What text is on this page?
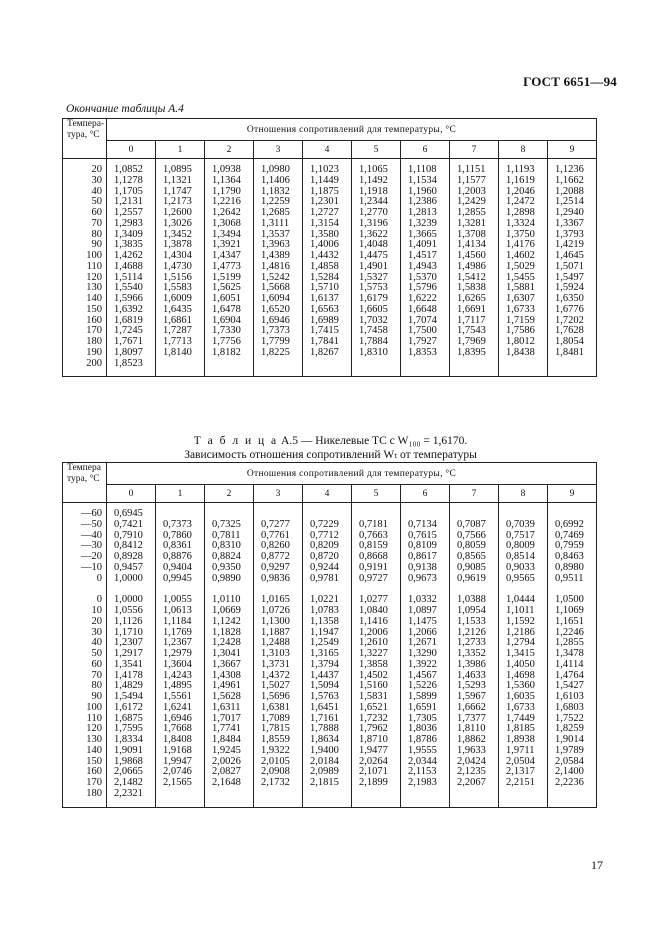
ГОСТ 6651—94
Окончание таблицы А.4
Темпера-
тура, °С	Отношения сопротивлений для температуры, °С									
	0	1	2	3	4	5	6	7	8	9

20	1,0852	1,0895	1,0938	1,0980	1,1023	1,1065	1,1108	1,1151	1,1193	1,1236
30	1,1278	1,1321	1,1364	1,1406	1,1449	1,1492	1,1534	1,1577	1,1619	1,1662
40	1,1705	1,1747	1,1790	1,1832	1,1875	1,1918	1,1960	1,2003	1,2046	1,2088
50	1,2131	1,2173	1,2216	1,2259	1,2301	1,2344	1,2386	1,2429	1,2472	1,2514
60	1,2557	1,2600	1,2642	1,2685	1,2727	1,2770	1,2813	1,2855	1,2898	1,2940
70	1,2983	1,3026	1,3068	1,3111	1,3154	1,3196	1,3239	1,3281	1,3324	1,3367
80	1,3409	1,3452	1,3494	1,3537	1,3580	1,3622	1,3665	1,3708	1,3750	1,3793
90	1,3835	1,3878	1,3921	1,3963	1,4006	1,4048	1,4091	1,4134	1,4176	1,4219
100	1,4262	1,4304	1,4347	1,4389	1,4432	1,4475	1,4517	1,4560	1,4602	1,4645
110	1,4688	1,4730	1,4773	1,4816	1,4858	1,4901	1,4943	1,4986	1,5029	1,5071
120	1,5114	1,5156	1,5199	1,5242	1,5284	1,5327	1,5370	1,5412	1,5455	1,5497
130	1,5540	1,5583	1,5625	1,5668	1,5710	1,5753	1,5796	1,5838	1,5881	1,5924
140	1,5966	1,6009	1,6051	1,6094	1,6137	1,6179	1,6222	1,6265	1,6307	1,6350
150	1,6392	1,6435	1,6478	1,6520	1,6563	1,6605	1,6648	1,6691	1,6733	1,6776
160	1,6819	1,6861	1,6904	1,6946	1,6989	1,7032	1,7074	1,7117	1,7159	1,7202
170	1,7245	1,7287	1,7330	1,7373	1,7415	1,7458	1,7500	1,7543	1,7586	1,7628
180	1,7671	1,7713	1,7756	1,7799	1,7841	1,7884	1,7927	1,7969	1,8012	1,8054
190	1,8097	1,8140	1,8182	1,8225	1,8267	1,8310	1,8353	1,8395	1,8438	1,8481
200	1,8523									

Т а б л и ц а А.5 — Никелевые ТС с W₁₀₀ = 1,6170.
Зависимость отношения сопротивлений Wₜ от температуры
Темпера
тура, °С	Отношения сопротивлений для температуры, °С									
	0	1	2	3	4	5	6	7	8	9

—60	0,6945									
—50	0,7421	0,7373	0,7325	0,7277	0,7229	0,7181	0,7134	0,7087	0,7039	0,6992
—40	0,7910	0,7860	0,7811	0,7761	0,7712	0,7663	0,7615	0,7566	0,7517	0,7469
—30	0,8412	0,8361	0,8310	0,8260	0,8209	0,8159	0,8109	0,8059	0,8009	0,7959
—20	0,8928	0,8876	0,8824	0,8772	0,8720	0,8668	0,8617	0,8565	0,8514	0,8463
—10	0,9457	0,9404	0,9350	0,9297	0,9244	0,9191	0,9138	0,9085	0,9033	0,8980
0	1,0000	0,9945	0,9890	0,9836	0,9781	0,9727	0,9673	0,9619	0,9565	0,9511

0	1,0000	1,0055	1,0110	1,0165	1,0221	1,0277	1,0332	1,0388	1,0444	1,0500
10	1,0556	1,0613	1,0669	1,0726	1,0783	1,0840	1,0897	1,0954	1,1011	1,1069
20	1,1126	1,1184	1,1242	1,1300	1,1358	1,1416	1,1475	1,1533	1,1592	1,1651
30	1,1710	1,1769	1,1828	1,1887	1,1947	1,2006	1,2066	1,2126	1,2186	1,2246
40	1,2307	1,2367	1,2428	1,2488	1,2549	1,2610	1,2671	1,2733	1,2794	1,2855
50	1,2917	1,2979	1,3041	1,3103	1,3165	1,3227	1,3290	1,3352	1,3415	1,3478
60	1,3541	1,3604	1,3667	1,3731	1,3794	1,3858	1,3922	1,3986	1,4050	1,4114
70	1,4178	1,4243	1,4308	1,4372	1,4437	1,4502	1,4567	1,4633	1,4698	1,4764
80	1,4829	1,4895	1,4961	1,5027	1,5094	1,5160	1,5226	1,5293	1,5360	1,5427
90	1,5494	1,5561	1,5628	1,5696	1,5763	1,5831	1,5899	1,5967	1,6035	1,6103
100	1,6172	1,6241	1,6311	1,6381	1,6451	1,6521	1,6591	1,6662	1,6733	1,6803
110	1,6875	1,6946	1,7017	1,7089	1,7161	1,7232	1,7305	1,7377	1,7449	1,7522
120	1,7595	1,7668	1,7741	1,7815	1,7888	1,7962	1,8036	1,8110	1,8185	1,8259
130	1,8334	1,8408	1,8484	1,8559	1,8634	1,8710	1,8786	1,8862	1,8938	1,9014
140	1,9091	1,9168	1,9245	1,9322	1,9400	1,9477	1,9555	1,9633	1,9711	1,9789
150	1,9868	1,9947	2,0026	2,0105	2,0184	2,0264	2,0344	2,0424	2,0504	2,0584
160	2,0665	2,0746	2,0827	2,0908	2,0989	2,1071	2,1153	2,1235	2,1317	2,1400
170	2,1482	2,1565	2,1648	2,1732	2,1815	2,1899	2,1983	2,2067	2,2151	2,2236
180	2,2321									

17
